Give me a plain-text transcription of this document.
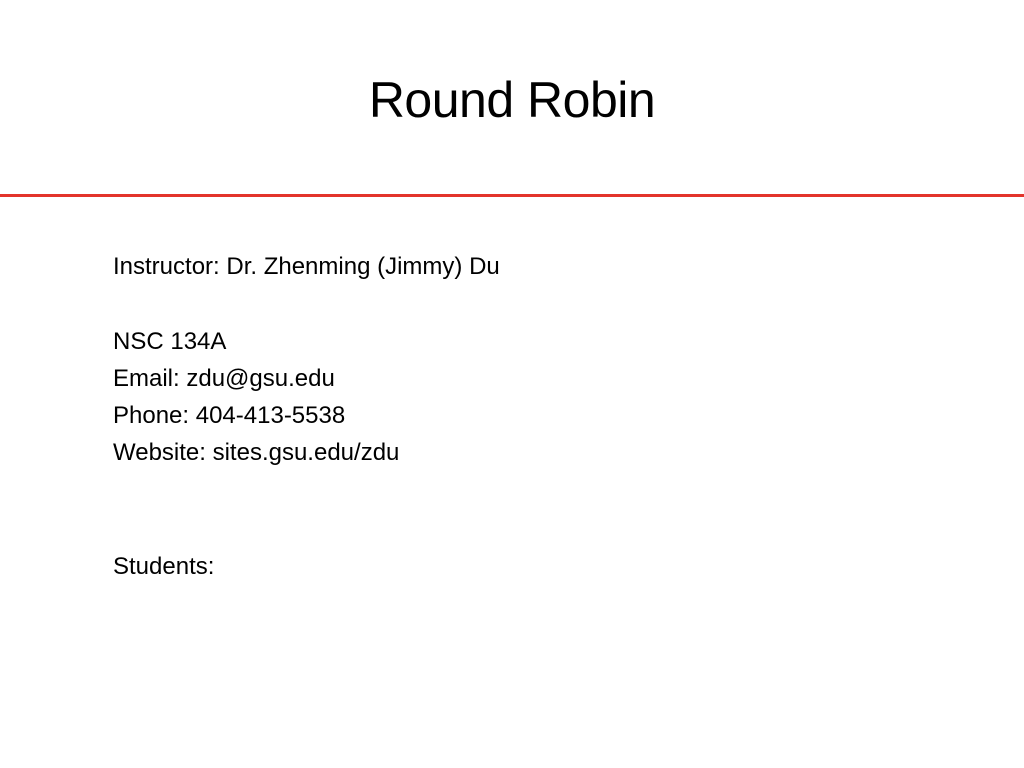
Round Robin
Instructor: Dr. Zhenming (Jimmy) Du
NSC 134A
Email: zdu@gsu.edu
Phone: 404-413-5538
Website: sites.gsu.edu/zdu
Students:
